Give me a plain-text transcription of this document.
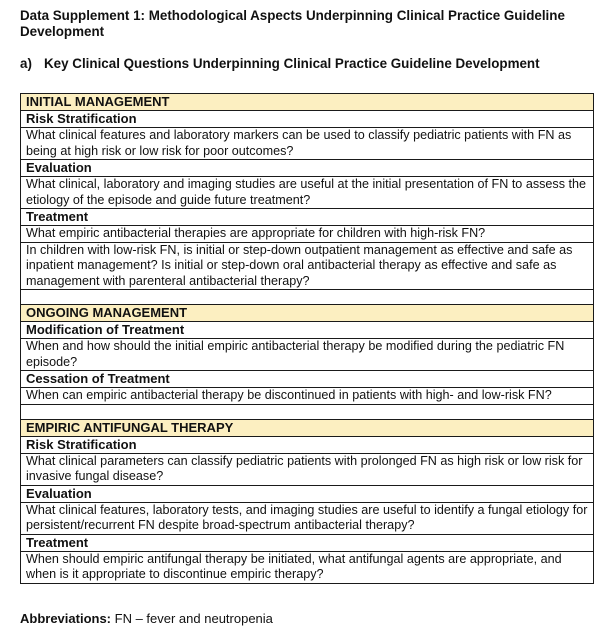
Data Supplement 1: Methodological Aspects Underpinning Clinical Practice Guideline Development
a) Key Clinical Questions Underpinning Clinical Practice Guideline Development
INITIAL MANAGEMENT
Risk Stratification
What clinical features and laboratory markers can be used to classify pediatric patients with FN as being at high risk or low risk for poor outcomes?
Evaluation
What clinical, laboratory and imaging studies are useful at the initial presentation of FN to assess the etiology of the episode and guide future treatment?
Treatment
What empiric antibacterial therapies are appropriate for children with high-risk FN?
In children with low-risk FN, is initial or step-down outpatient management as effective and safe as inpatient management? Is initial or step-down oral antibacterial therapy as effective and safe as management with parenteral antibacterial therapy?

ONGOING MANAGEMENT
Modification of Treatment
When and how should the initial empiric antibacterial therapy be modified during the pediatric FN episode?
Cessation of Treatment
When can empiric antibacterial therapy be discontinued in patients with high- and low-risk FN?

EMPIRIC ANTIFUNGAL THERAPY
Risk Stratification
What clinical parameters can classify pediatric patients with prolonged FN as high risk or low risk for invasive fungal disease?
Evaluation
What clinical features, laboratory tests, and imaging studies are useful to identify a fungal etiology for persistent/recurrent FN despite broad-spectrum antibacterial therapy?
Treatment
When should empiric antifungal therapy be initiated, what antifungal agents are appropriate, and when is it appropriate to discontinue empiric therapy?
Abbreviations: FN – fever and neutropenia
